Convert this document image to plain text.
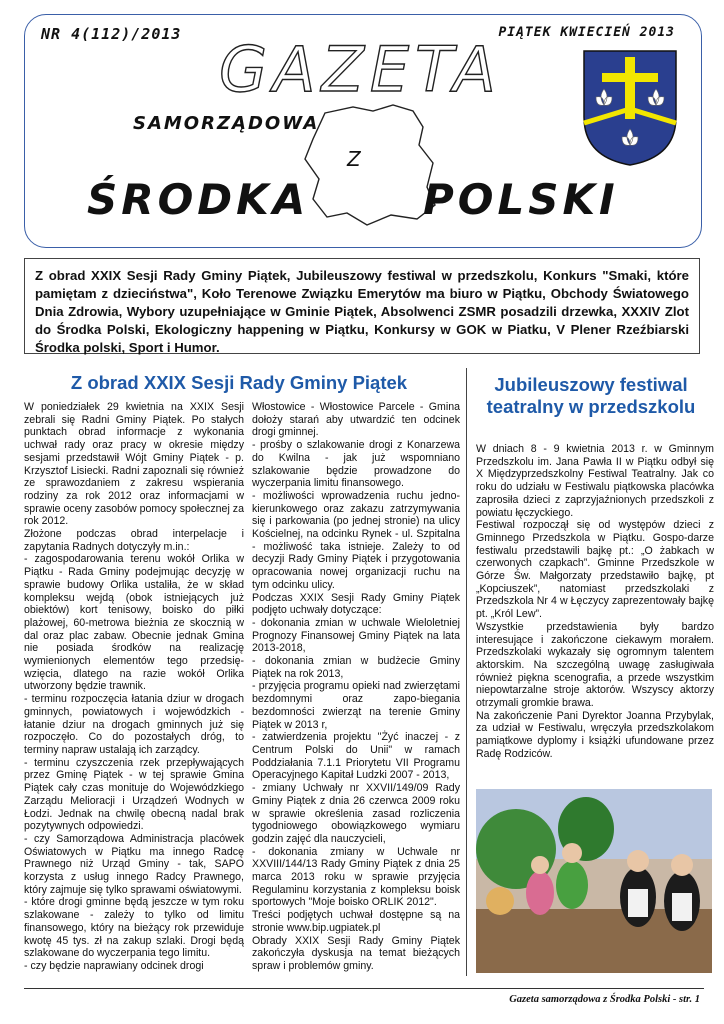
NR 4(112)/2013	PIĄTEK KWIECIEŃ 2013
GAZETA
SAMORZĄDOWA
Z
ŚRODKA	POLSKI
Z obrad XXIX Sesji Rady Gminy Piątek, Jubileuszowy festiwal w przedszkolu, Konkurs "Smaki, które pamiętam z dzieciństwa", Koło Terenowe Związku Emerytów ma biuro w Piątku, Obchody Światowego Dnia Zdrowia, Wybory uzupełniające w Gminie Piątek, Absolwenci ZSMR posadzili drzewka, XXXIV Zlot do Środka Polski, Ekologiczny happening w Piątku, Konkursy w GOK w Piatku, V Plener Rzeźbiarski Środka polski, Sport i Humor.
Z obrad XXIX Sesji Rady Gminy Piątek

W poniedziałek 29 kwietnia na XXIX Sesji zebrali się Radni Gminy Piątek. Po stałych punktach obrad informacje z wykonania uchwał rady oraz pracy w okresie między sesjami przedstawił Wójt Gminy Piątek - p. Krzysztof Lisiecki. Radni zapoznali się również ze sprawozdaniem z zakresu wspierania rodziny za rok 2012 oraz informacjami w sprawie oceny zasobów pomocy społecznej za rok 2012.

Złożone podczas obrad interpelacje i zapytania Radnych dotyczyły m.in.:

- zagospodarowania terenu wokół Orlika w Piątku - Rada Gminy podejmując decyzję w sprawie budowy Orlika ustaliła, że w skład kompleksu wejdą (obok istniejących już obiektów) kort tenisowy, boisko do piłki plażowej, 60-metrowa bieżnia ze skocznią w dal oraz plac zabaw. Obecnie jednak Gmina nie posiada środków na realizację wymienionych elementów tego przedsię-wzięcia, dlatego na razie wokół Orlika utworzony będzie trawnik.

- terminu rozpoczęcia łatania dziur w drogach gminnych, powiatowych i wojewódzkich - łatanie dziur na drogach gminnych już się rozpoczęło. Co do pozostałych dróg, to terminy napraw ustalają ich zarządcy.

- terminu czyszczenia rzek przepływających przez Gminę Piątek - w tej sprawie Gmina Piątek cały czas monituje do Wojewódzkiego Zarządu Melioracji i Urządzeń Wodnych w Łodzi. Jednak na chwilę obecną nadal brak pozytywnych odpowiedzi.

- czy Samorządowa Administracja placówek Oświatowych w Piątku ma innego Radcę Prawnego niż Urząd Gminy - tak, SAPO korzysta z usług innego Radcy Prawnego, który zajmuje się tylko sprawami oświatowymi.

- które drogi gminne będą jeszcze w tym roku szlakowane - zależy to tylko od limitu finansowego, który na bieżący rok przewiduje kwotę 45 tys. zł na zakup szlaki. Drogi będą szlakowane do wyczerpania tego limitu.

- czy będzie naprawiany odcinek drogi

Włostowice - Włostowice Parcele - Gmina dołoży starań aby utwardzić ten odcinek drogi gminnej.

- prośby o szlakowanie drogi z Konarzewa do Kwilna - jak już wspomniano szlakowanie będzie prowadzone do wyczerpania limitu finansowego.

- możliwości wprowadzenia ruchu jedno-kierunkowego oraz zakazu zatrzymywania się i parkowania (po jednej stronie) na ulicy Kościelnej, na odcinku Rynek - ul. Szpitalna - możliwość taka istnieje. Zależy to od decyzji Rady Gminy Piątek i przygotowania opracowania nowej organizacji ruchu na tym odcinku ulicy.

Podczas XXIX Sesji Rady Gminy Piątek podjęto uchwały dotyczące:

- dokonania zmian w uchwale Wieloletniej Prognozy Finansowej Gminy Piątek na lata 2013-2018,

- dokonania zmian w budżecie Gminy Piątek na rok 2013,

- przyjęcia programu opieki nad zwierzętami bezdomnymi oraz zapo-biegania bezdomności zwierząt na terenie Gminy Piątek w 2013 r,

- zatwierdzenia projektu "Żyć inaczej - z Centrum Polski do Unii" w ramach Poddziałania 7.1.1 Priorytetu VII Programu Operacyjnego Kapitał Ludzki 2007 - 2013,

- zmiany Uchwały nr XXVII/149/09 Rady Gminy Piątek z dnia 26 czerwca 2009 roku w sprawie określenia zasad rozliczenia tygodniowego obowiązkowego wymiaru godzin zajęć dla nauczycieli,

- dokonania zmiany w Uchwale nr XXVIII/144/13 Rady Gminy Piątek z dnia 25 marca 2013 roku w sprawie przyjęcia Regulaminu korzystania z kompleksu boisk sportowych "Moje boisko ORLIK 2012".

Treści podjętych uchwał dostępne są na stronie www.bip.ugpiatek.pl

Obrady XXIX Sesji Rady Gminy Piątek zakończyła dyskusja na temat bieżących spraw i problemów gminy.

Jubileuszowy festiwal teatralny w przedszkolu

W dniach 8 - 9 kwietnia 2013 r. w Gminnym Przedszkolu im. Jana Pawła II w Piątku odbył się X Międzyprzedszkolny Festiwal Teatralny. Jak co roku do udziału w Festiwalu piątkowska placówka zaprosiła dzieci z zaprzyjaźnionych przedszkoli z powiatu łęczyckiego.

Festiwal rozpoczął się od występów dzieci z Gminnego Przedszkola w Piątku. Gospo-darze festiwalu przedstawili bajkę pt.: „O żabkach w czerwonych czapkach”. Gminne Przedszkole w Górze Św. Małgorzaty przedstawiło bajkę, pt „Kopciuszek”, natomiast przedszkolaki z Przedszkola Nr 4 w Łęczycy zaprezentowały bajkę pt. „Król Lew”.

Wszystkie przedstawienia były bardzo interesujące i zakończone ciekawym morałem. Przedszkolaki wykazały się ogromnym talentem aktorskim. Na szczególną uwagę zasługiwała również piękna scenografia, a przede wszystkim niepowtarzalne stroje aktorów. Wszyscy aktorzy otrzymali gromkie brawa.

Na zakończenie Pani Dyrektor Joanna Przybylak, za udział w Festiwalu, wręczyła przedszkolakom pamiątkowe dyplomy i książki ufundowane przez Radę Rodziców.

Gazeta samorządowa z Środka Polski - str. 1
